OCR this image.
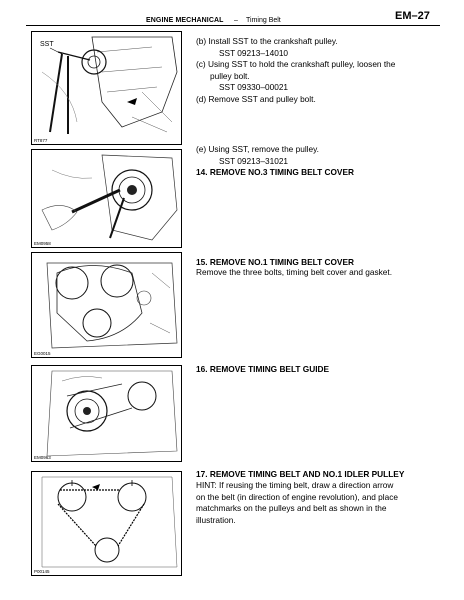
ENGINE MECHANICAL – Timing Belt	EM–27
SST
RT877
EM0958
EG0015
EM0963
P00145
(b) Install SST to the crankshaft pulley.
SST 09213–14010
(c) Using SST to hold the crankshaft pulley, loosen the
pulley bolt.
SST 09330–00021
(d) Remove SST and pulley bolt.
(e) Using SST, remove the pulley.
SST 09213–31021
14. REMOVE NO.3 TIMING BELT COVER
15. REMOVE NO.1 TIMING BELT COVER
Remove the three bolts, timing belt cover and gasket.
16. REMOVE TIMING BELT GUIDE
17. REMOVE TIMING BELT AND NO.1 IDLER PULLEY
HINT: If reusing the timing belt, draw a direction arrow
on the belt (in direction of engine revolution), and place
matchmarks on the pulleys and belt as shown in the
illustration.
